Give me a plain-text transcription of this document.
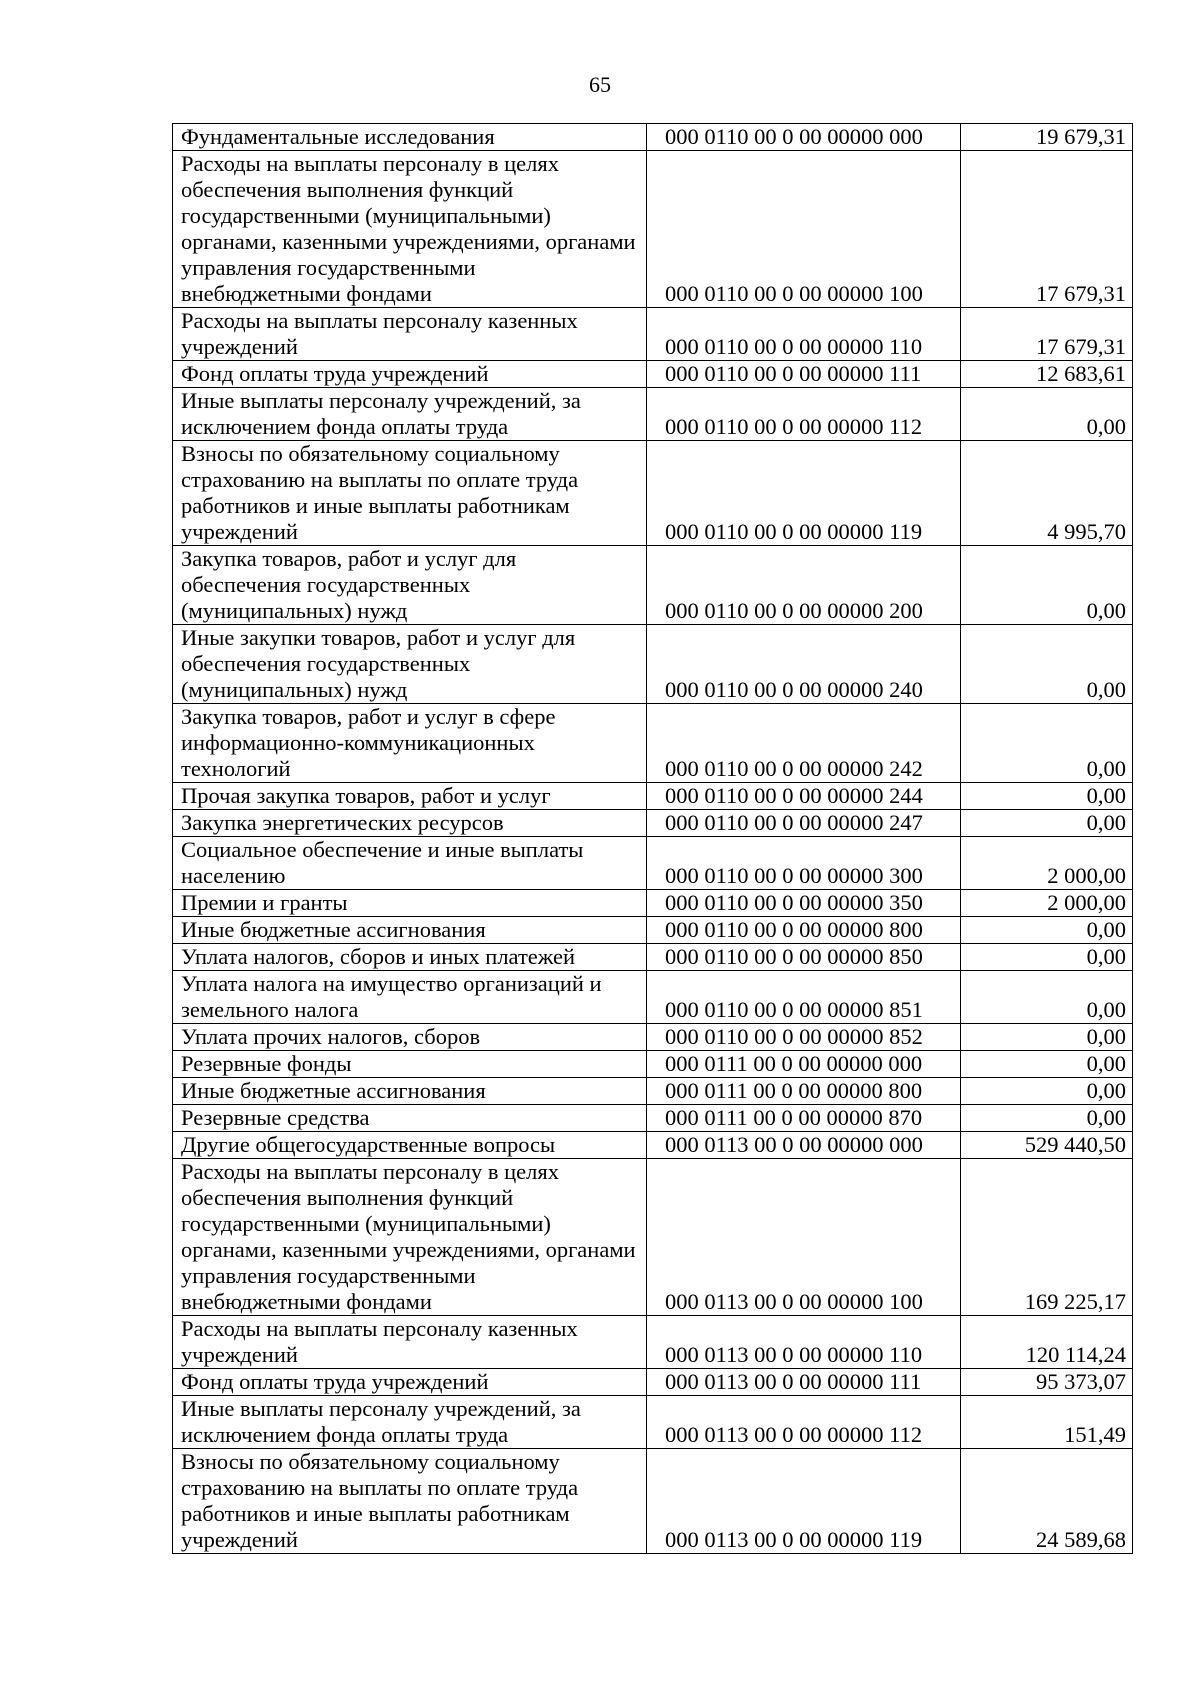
65
Фундаментальные исследования	000 0110 00 0 00 00000 000	19 679,31
Расходы на выплаты персоналу в целях обеспечения выполнения функций государственными (муниципальными) органами, казенными учреждениями, органами управления государственными внебюджетными фондами	000 0110 00 0 00 00000 100	17 679,31
Расходы на выплаты персоналу казенных учреждений	000 0110 00 0 00 00000 110	17 679,31
Фонд оплаты труда учреждений	000 0110 00 0 00 00000 111	12 683,61
Иные выплаты персоналу учреждений, за исключением фонда оплаты труда	000 0110 00 0 00 00000 112	0,00
Взносы по обязательному социальному страхованию на выплаты по оплате труда работников и иные выплаты работникам учреждений	000 0110 00 0 00 00000 119	4 995,70
Закупка товаров, работ и услуг для обеспечения государственных (муниципальных) нужд	000 0110 00 0 00 00000 200	0,00
Иные закупки товаров, работ и услуг для обеспечения государственных (муниципальных) нужд	000 0110 00 0 00 00000 240	0,00
Закупка товаров, работ и услуг в сфере информационно-коммуникационных технологий	000 0110 00 0 00 00000 242	0,00
Прочая закупка товаров, работ и услуг	000 0110 00 0 00 00000 244	0,00
Закупка энергетических ресурсов	000 0110 00 0 00 00000 247	0,00
Социальное обеспечение и иные выплаты населению	000 0110 00 0 00 00000 300	2 000,00
Премии и гранты	000 0110 00 0 00 00000 350	2 000,00
Иные бюджетные ассигнования	000 0110 00 0 00 00000 800	0,00
Уплата налогов, сборов и иных платежей	000 0110 00 0 00 00000 850	0,00
Уплата налога на имущество организаций и земельного налога	000 0110 00 0 00 00000 851	0,00
Уплата прочих налогов, сборов	000 0110 00 0 00 00000 852	0,00
Резервные фонды	000 0111 00 0 00 00000 000	0,00
Иные бюджетные ассигнования	000 0111 00 0 00 00000 800	0,00
Резервные средства	000 0111 00 0 00 00000 870	0,00
Другие общегосударственные вопросы	000 0113 00 0 00 00000 000	529 440,50
Расходы на выплаты персоналу в целях обеспечения выполнения функций государственными (муниципальными) органами, казенными учреждениями, органами управления государственными внебюджетными фондами	000 0113 00 0 00 00000 100	169 225,17
Расходы на выплаты персоналу казенных учреждений	000 0113 00 0 00 00000 110	120 114,24
Фонд оплаты труда учреждений	000 0113 00 0 00 00000 111	95 373,07
Иные выплаты персоналу учреждений, за исключением фонда оплаты труда	000 0113 00 0 00 00000 112	151,49
Взносы по обязательному социальному страхованию на выплаты по оплате труда работников и иные выплаты работникам учреждений	000 0113 00 0 00 00000 119	24 589,68
